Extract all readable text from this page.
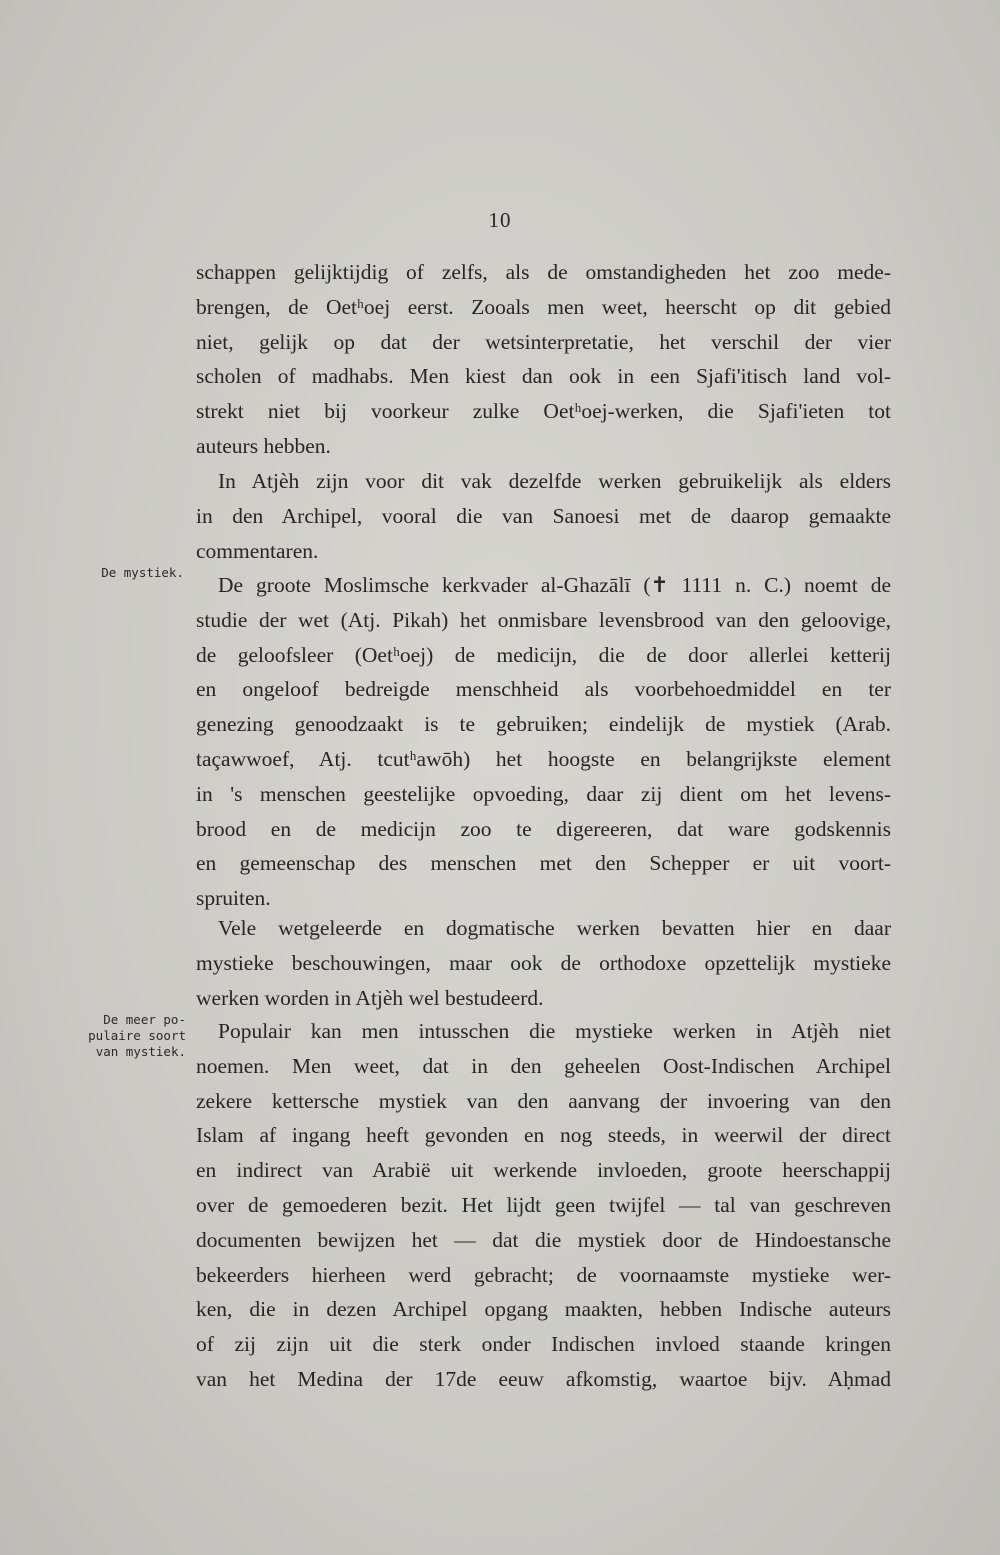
10
schappen gelijktijdig of zelfs, als de omstandigheden het zoo mede-
brengen, de Oetʰoej eerst. Zooals men weet, heerscht op dit gebied
niet, gelijk op dat der wetsinterpretatie, het verschil der vier
scholen of madhabs. Men kiest dan ook in een Sjafi'itisch land vol-
strekt niet bij voorkeur zulke Oetʰoej-werken, die Sjafi'ieten tot
auteurs hebben.
In Atjèh zijn voor dit vak dezelfde werken gebruikelijk als elders
in den Archipel, vooral die van Sanoesi met de daarop gemaakte
commentaren.
De mystiek.
De groote Moslimsche kerkvader al-Ghazālī (✝ 1111 n. C.) noemt de
studie der wet (Atj. Pikah) het onmisbare levensbrood van den geloovige,
de geloofsleer (Oetʰoej) de medicijn, die de door allerlei ketterij
en ongeloof bedreigde menschheid als voorbehoedmiddel en ter
genezing genoodzaakt is te gebruiken; eindelijk de mystiek (Arab.
taçawwoef, Atj. tcutʰawōh) het hoogste en belangrijkste element
in 's menschen geestelijke opvoeding, daar zij dient om het levens-
brood en de medicijn zoo te digereeren, dat ware godskennis
en gemeenschap des menschen met den Schepper er uit voort-
spruiten.
Vele wetgeleerde en dogmatische werken bevatten hier en daar
mystieke beschouwingen, maar ook de orthodoxe opzettelijk mystieke
werken worden in Atjèh wel bestudeerd.
De meer po-
pulaire soort
van mystiek.
Populair kan men intusschen die mystieke werken in Atjèh niet
noemen. Men weet, dat in den geheelen Oost-Indischen Archipel
zekere kettersche mystiek van den aanvang der invoering van den
Islam af ingang heeft gevonden en nog steeds, in weerwil der direct
en indirect van Arabië uit werkende invloeden, groote heerschappij
over de gemoederen bezit. Het lijdt geen twijfel — tal van geschreven
documenten bewijzen het — dat die mystiek door de Hindoestansche
bekeerders hierheen werd gebracht; de voornaamste mystieke wer-
ken, die in dezen Archipel opgang maakten, hebben Indische auteurs
of zij zijn uit die sterk onder Indischen invloed staande kringen
van het Medina der 17de eeuw afkomstig, waartoe bijv. Aḥmad
